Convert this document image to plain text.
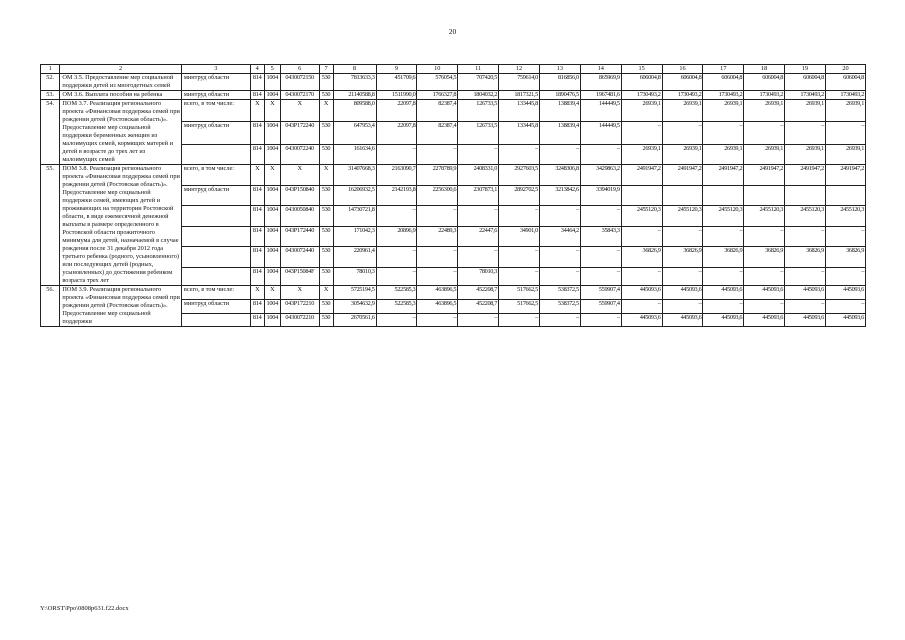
20
1	2	3	4	5	6	7	8	9	10	11	12	13	14	15	16	17	18	19	20
52.	ОМ 3.5. Предоставление мер социальной поддержки детей из многодетных семей	минтруд области	814	1004	0430072150	530	7813633,3	451709,6	576054,5	707420,5	759614,0	816856,0	865969,9	606004,8	606004,8	606004,8	606004,8	606004,8	606004,8
53.	ОМ 3.6. Выплата пособия на ребенка	минтруд области	814	1004	0430072170	530	21140588,8	1511990,0	1766327,8	1804032,2	1817321,5	1890476,5	1967481,6	1730493,2	1730493,2	1730493,2	1730493,2	1730493,2	1730493,2
54.	ПОМ 3.7. Реализация регионального проекта «Финансовая поддержка семей при рождении детей (Ростовская область)». Предоставление мер социальной поддержки беременных женщин из малоимущих семей, кормящих матерей и детей в возрасте до трех лет из малоимущих семей	всего, в том числе:	Х	Х	Х	Х	809588,0	22097,8	82387,4	126733,5	133445,8	138839,4	144449,5	26939,1	26939,1	26939,1	26939,1	26939,1	26939,1
		минтруд области	814	1004	043P172240	530	647953,4	22097,8	82387,4	126733,5	133445,8	138839,4	144449,5	–	–	–	–	–	–
			814	1004	0430072240	530	161634,6	–	–	–	–	–	–	26939,1	26939,1	26939,1	26939,1	26939,1	26939,1
55.	ПОМ 3.8. Реализация регионального проекта «Финансовая поддержка семей при рождении детей (Ростовская область)». Предоставление мер социальной поддержки семей, имеющих детей и проживающих на территории Ростовской области, в виде ежемесячной денежной выплаты в размере определенного в Ростовской области прожиточного минимума для детей, назначаемой в случае рождения после 31 декабря 2012 года третьего ребенка (родного, усыновленного) или последующих детей (родных, усыновленных) до достижения ребенком возраста трех лет	всего, в том числе:	Х	Х	Х	Х	31407668,3	2163090,7	2278789,9	2408331,0	2927603,5	3248306,8	3429863,2	2491947,2	2491947,2	2491947,2	2491947,2	2491947,2	2491947,2
		минтруд области	814	1004	043P150840	530	16206932,5	2142193,8	2256300,6	2307873,1	2892702,5	3213842,6	3394019,9						
			814	1004	0430050840	530	14730721,8	–	–	–	–	–	–	2455120,3	2455120,3	2455120,3	2455120,3	2455120,3	2455120,3
			814	1004	043P172440	530	171042,3	20896,9	22489,3	22447,6	34901,0	34464,2	35843,3	–	–	–	–	–	–
			814	1004	0430072440	530	220961,4	–	–	–	–	–	–	36826,9	36826,9	36826,9	36826,9	36826,9	36826,9
			814	1004	043P15084F	530	78010,3	–	–	78010,3	–	–	–	–	–	–	–	–	–
56.	ПОМ 3.9. Реализация регионального проекта «Финансовая поддержка семей при рождении детей (Ростовская область)». Предоставление мер социальной поддержки	всего, в том числе:	Х	Х	Х	Х	5725194,5	522585,3	463896,5	452208,7	517662,5	538372,5	559907,4	445093,6	445093,6	445093,6	445093,6	445093,6	445093,6
		минтруд области	814	1004	043P172210	530	3054632,9	522585,3	463896,5	452208,7	517662,5	538372,5	559907,4	–	–	–	–	–	–
			814	1004	0430072210	530	2670561,6	–	–	–	–	–	–	445093,6	445093,6	445093,6	445093,6	445093,6	445093,6
Y:\ORST\Ppo\0808p631.f22.docx
